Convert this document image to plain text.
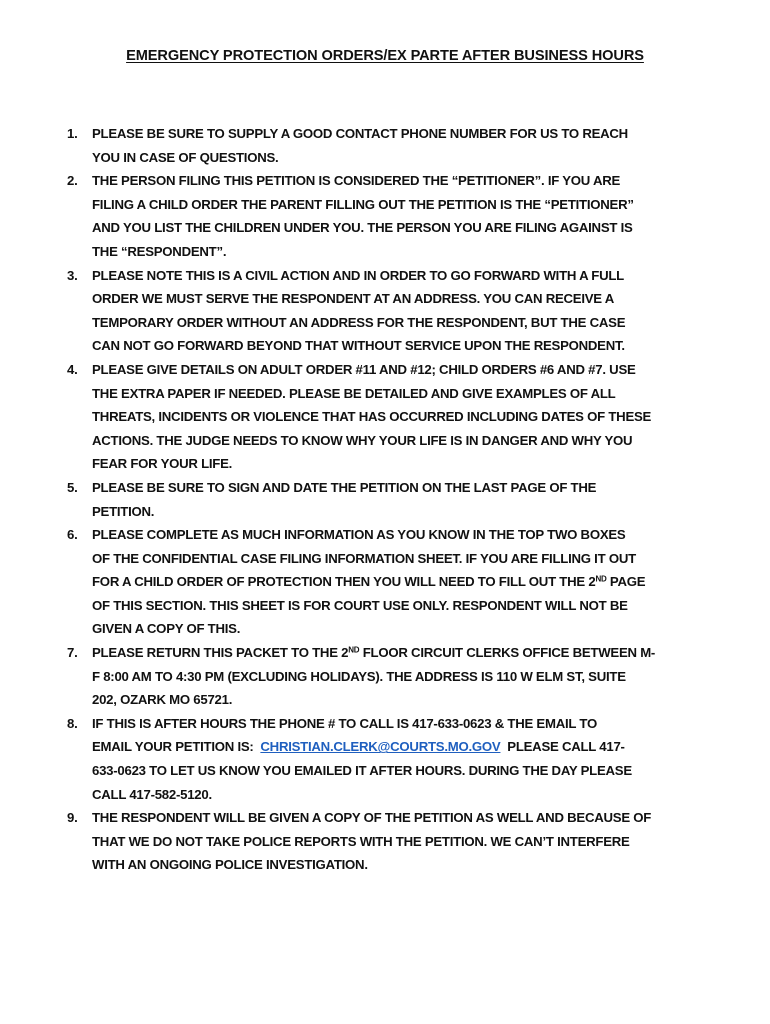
EMERGENCY PROTECTION ORDERS/EX PARTE AFTER BUSINESS HOURS
1. PLEASE BE SURE TO SUPPLY A GOOD CONTACT PHONE NUMBER FOR US TO REACH
YOU IN CASE OF QUESTIONS.
2. THE PERSON FILING THIS PETITION IS CONSIDERED THE “PETITIONER”. IF YOU ARE
FILING A CHILD ORDER THE PARENT FILLING OUT THE PETITION IS THE “PETITIONER”
AND YOU LIST THE CHILDREN UNDER YOU. THE PERSON YOU ARE FILING AGAINST IS
THE “RESPONDENT”.
3. PLEASE NOTE THIS IS A CIVIL ACTION AND IN ORDER TO GO FORWARD WITH A FULL
ORDER WE MUST SERVE THE RESPONDENT AT AN ADDRESS. YOU CAN RECEIVE A
TEMPORARY ORDER WITHOUT AN ADDRESS FOR THE RESPONDENT, BUT THE CASE
CAN NOT GO FORWARD BEYOND THAT WITHOUT SERVICE UPON THE RESPONDENT.
4. PLEASE GIVE DETAILS ON ADULT ORDER #11 AND #12; CHILD ORDERS #6 AND #7. USE
THE EXTRA PAPER IF NEEDED. PLEASE BE DETAILED AND GIVE EXAMPLES OF ALL
THREATS, INCIDENTS OR VIOLENCE THAT HAS OCCURRED INCLUDING DATES OF THESE
ACTIONS. THE JUDGE NEEDS TO KNOW WHY YOUR LIFE IS IN DANGER AND WHY YOU
FEAR FOR YOUR LIFE.
5. PLEASE BE SURE TO SIGN AND DATE THE PETITION ON THE LAST PAGE OF THE
PETITION.
6. PLEASE COMPLETE AS MUCH INFORMATION AS YOU KNOW IN THE TOP TWO BOXES
OF THE CONFIDENTIAL CASE FILING INFORMATION SHEET. IF YOU ARE FILLING IT OUT
FOR A CHILD ORDER OF PROTECTION THEN YOU WILL NEED TO FILL OUT THE 2ND PAGE
OF THIS SECTION. THIS SHEET IS FOR COURT USE ONLY. RESPONDENT WILL NOT BE
GIVEN A COPY OF THIS.
7. PLEASE RETURN THIS PACKET TO THE 2ND FLOOR CIRCUIT CLERKS OFFICE BETWEEN M-
F 8:00 AM TO 4:30 PM (EXCLUDING HOLIDAYS). THE ADDRESS IS 110 W ELM ST, SUITE
202, OZARK MO 65721.
8. IF THIS IS AFTER HOURS THE PHONE # TO CALL IS 417-633-0623 & THE EMAIL TO
EMAIL YOUR PETITION IS:  CHRISTIAN.CLERK@COURTS.MO.GOV  PLEASE CALL 417-
633-0623 TO LET US KNOW YOU EMAILED IT AFTER HOURS. DURING THE DAY PLEASE
CALL 417-582-5120.
9. THE RESPONDENT WILL BE GIVEN A COPY OF THE PETITION AS WELL AND BECAUSE OF
THAT WE DO NOT TAKE POLICE REPORTS WITH THE PETITION. WE CAN’T INTERFERE
WITH AN ONGOING POLICE INVESTIGATION.
